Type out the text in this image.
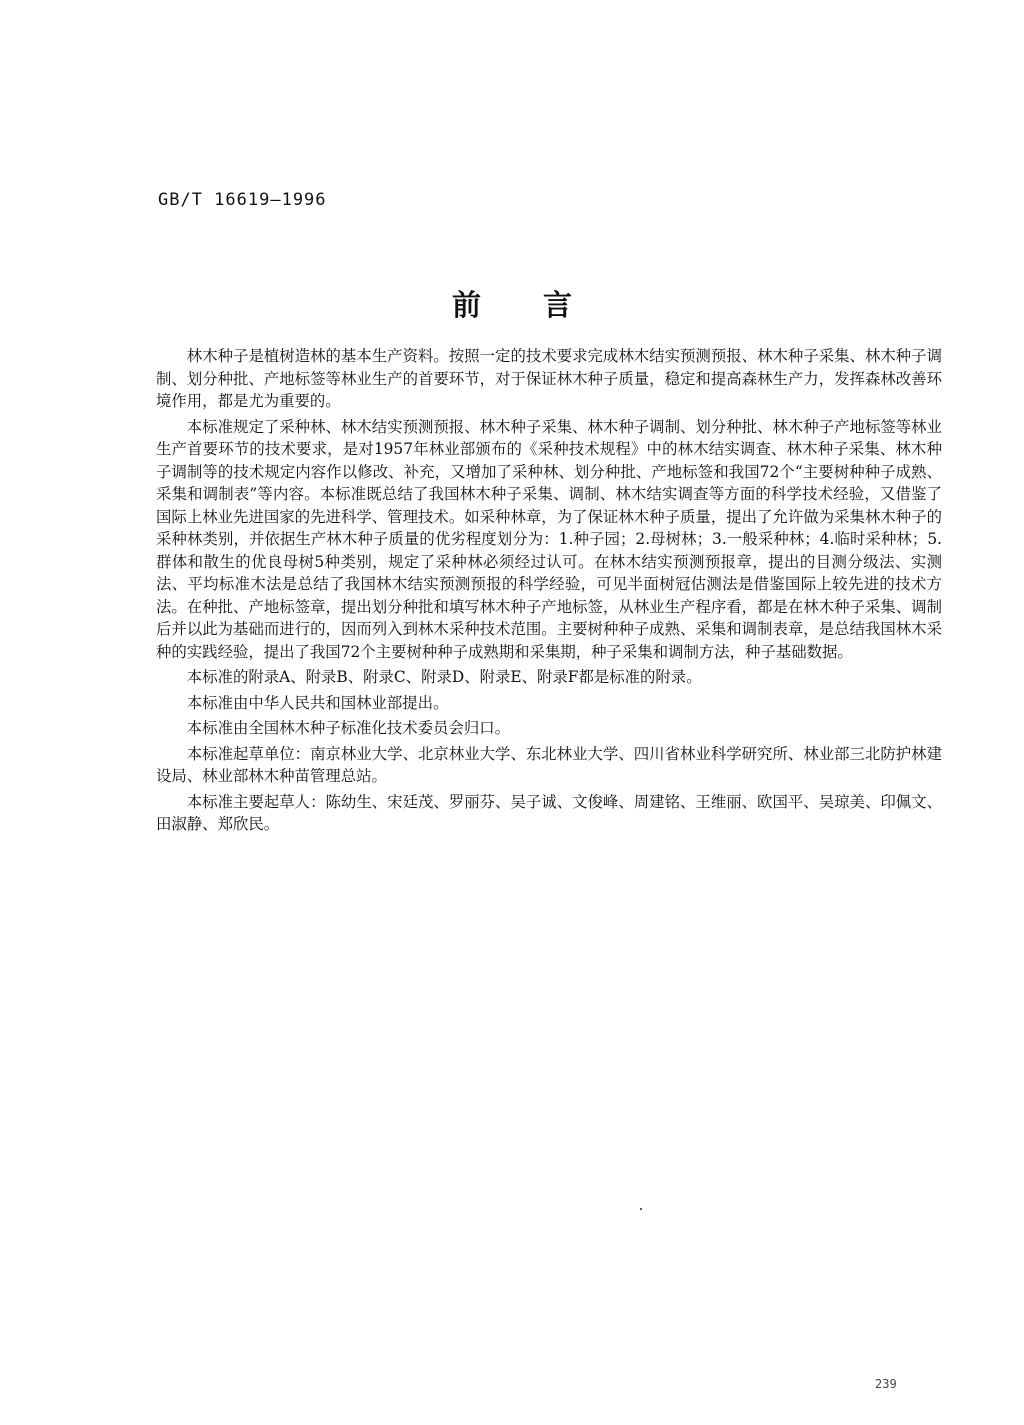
GB/T 16619—1996
前 言

林木种子是植树造林的基本生产资料。按照一定的技术要求完成林木结实预测预报、林木种子采集、林木种子调制、划分种批、产地标签等林业生产的首要环节，对于保证林木种子质量，稳定和提高森林生产力，发挥森林改善环境作用，都是尤为重要的。

本标准规定了采种林、林木结实预测预报、林木种子采集、林木种子调制、划分种批、林木种子产地标签等林业生产首要环节的技术要求，是对1957年林业部颁布的《采种技术规程》中的林木结实调查、林木种子采集、林木种子调制等的技术规定内容作以修改、补充，又增加了采种林、划分种批、产地标签和我国72个“主要树种种子成熟、采集和调制表”等内容。本标准既总结了我国林木种子采集、调制、林木结实调查等方面的科学技术经验，又借鉴了国际上林业先进国家的先进科学、管理技术。如采种林章，为了保证林木种子质量，提出了允许做为采集林木种子的采种林类别，并依据生产林木种子质量的优劣程度划分为：1.种子园；2.母树林；3.一般采种林；4.临时采种林；5.群体和散生的优良母树5种类别，规定了采种林必须经过认可。在林木结实预测预报章，提出的目测分级法、实测法、平均标准木法是总结了我国林木结实预测预报的科学经验，可见半面树冠估测法是借鉴国际上较先进的技术方法。在种批、产地标签章，提出划分种批和填写林木种子产地标签，从林业生产程序看，都是在林木种子采集、调制后并以此为基础而进行的，因而列入到林木采种技术范围。主要树种种子成熟、采集和调制表章，是总结我国林木采种的实践经验，提出了我国72个主要树种种子成熟期和采集期，种子采集和调制方法，种子基础数据。

本标准的附录A、附录B、附录C、附录D、附录E、附录F都是标准的附录。

本标准由中华人民共和国林业部提出。

本标准由全国林木种子标准化技术委员会归口。

本标准起草单位：南京林业大学、北京林业大学、东北林业大学、四川省林业科学研究所、林业部三北防护林建设局、林业部林木种苗管理总站。

本标准主要起草人：陈幼生、宋廷茂、罗丽芬、吴子诚、文俊峰、周建铭、王维丽、欧国平、吴琼美、印佩文、田淑静、郑欣民。

239
